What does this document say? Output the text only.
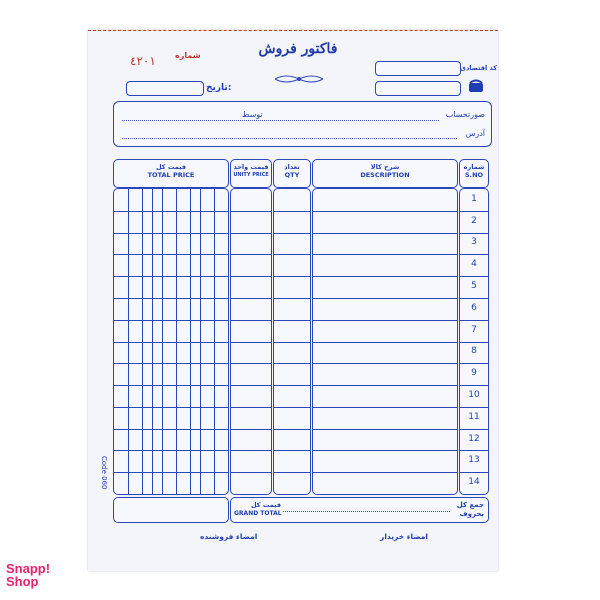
فاکتور فروش
٤٢٠١ شماره
تاریخ:
کد اقتصادی
صورتحساب
توسط
آدرس
قیمت کل
TOTAL PRICE
قیمت واحد
UNITY PRICE
تعداد
QTY
شرح کالا
DESCRIPTION
شماره
S.NO
1
2
3
4
5
6
7
8
9
10
11
12
13
14
Code 060
قیمت کل
GRAND TOTAL
جمع کل
بحروف
امضاء فروشنده	امضاء خریدار
Snapp!
Shop
